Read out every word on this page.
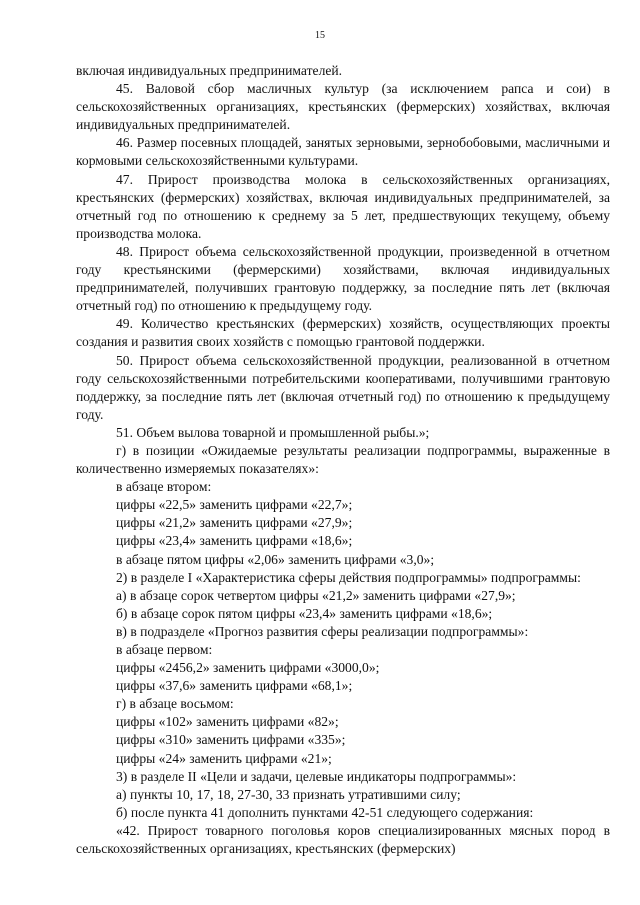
15

включая индивидуальных предпринимателей.

45. Валовой сбор масличных культур (за исключением рапса и сои) в сельскохозяйственных организациях, крестьянских (фермерских) хозяйствах, включая индивидуальных предпринимателей.

46. Размер посевных площадей, занятых зерновыми, зернобобовыми, масличными и кормовыми сельскохозяйственными культурами.

47. Прирост производства молока в сельскохозяйственных организациях, крестьянских (фермерских) хозяйствах, включая индивидуальных предпринимателей, за отчетный год по отношению к среднему за 5 лет, предшествующих текущему, объему производства молока.

48. Прирост объема сельскохозяйственной продукции, произведенной в отчетном году крестьянскими (фермерскими) хозяйствами, включая индивидуальных предпринимателей, получивших грантовую поддержку, за последние пять лет (включая отчетный год) по отношению к предыдущему году.

49. Количество крестьянских (фермерских) хозяйств, осуществляющих проекты создания и развития своих хозяйств с помощью грантовой поддержки.

50. Прирост объема сельскохозяйственной продукции, реализованной в отчетном году сельскохозяйственными потребительскими кооперативами, получившими грантовую поддержку, за последние пять лет (включая отчетный год) по отношению к предыдущему году.

51. Объем вылова товарной и промышленной рыбы.»;

г) в позиции «Ожидаемые результаты реализации подпрограммы, выраженные в количественно измеряемых показателях»:

в абзаце втором:

цифры «22,5» заменить цифрами «22,7»;

цифры «21,2» заменить цифрами «27,9»;

цифры «23,4» заменить цифрами «18,6»;

в абзаце пятом цифры «2,06» заменить цифрами «3,0»;

2) в разделе I «Характеристика сферы действия подпрограммы» подпрограммы:

а) в абзаце сорок четвертом цифры «21,2» заменить цифрами «27,9»;

б) в абзаце сорок пятом цифры «23,4» заменить цифрами «18,6»;

в) в подразделе «Прогноз развития сферы реализации подпрограммы»:

в абзаце первом:

цифры «2456,2» заменить цифрами «3000,0»;

цифры «37,6» заменить цифрами «68,1»;

г) в абзаце восьмом:

цифры «102» заменить цифрами «82»;

цифры «310» заменить цифрами «335»;

цифры «24» заменить цифрами «21»;

3) в разделе II «Цели и задачи, целевые индикаторы подпрограммы»:

а) пункты 10, 17, 18, 27-30, 33 признать утратившими силу;

б) после пункта 41 дополнить пунктами 42-51 следующего содержания:

«42. Прирост товарного поголовья коров специализированных мясных пород в сельскохозяйственных организациях, крестьянских (фермерских)
